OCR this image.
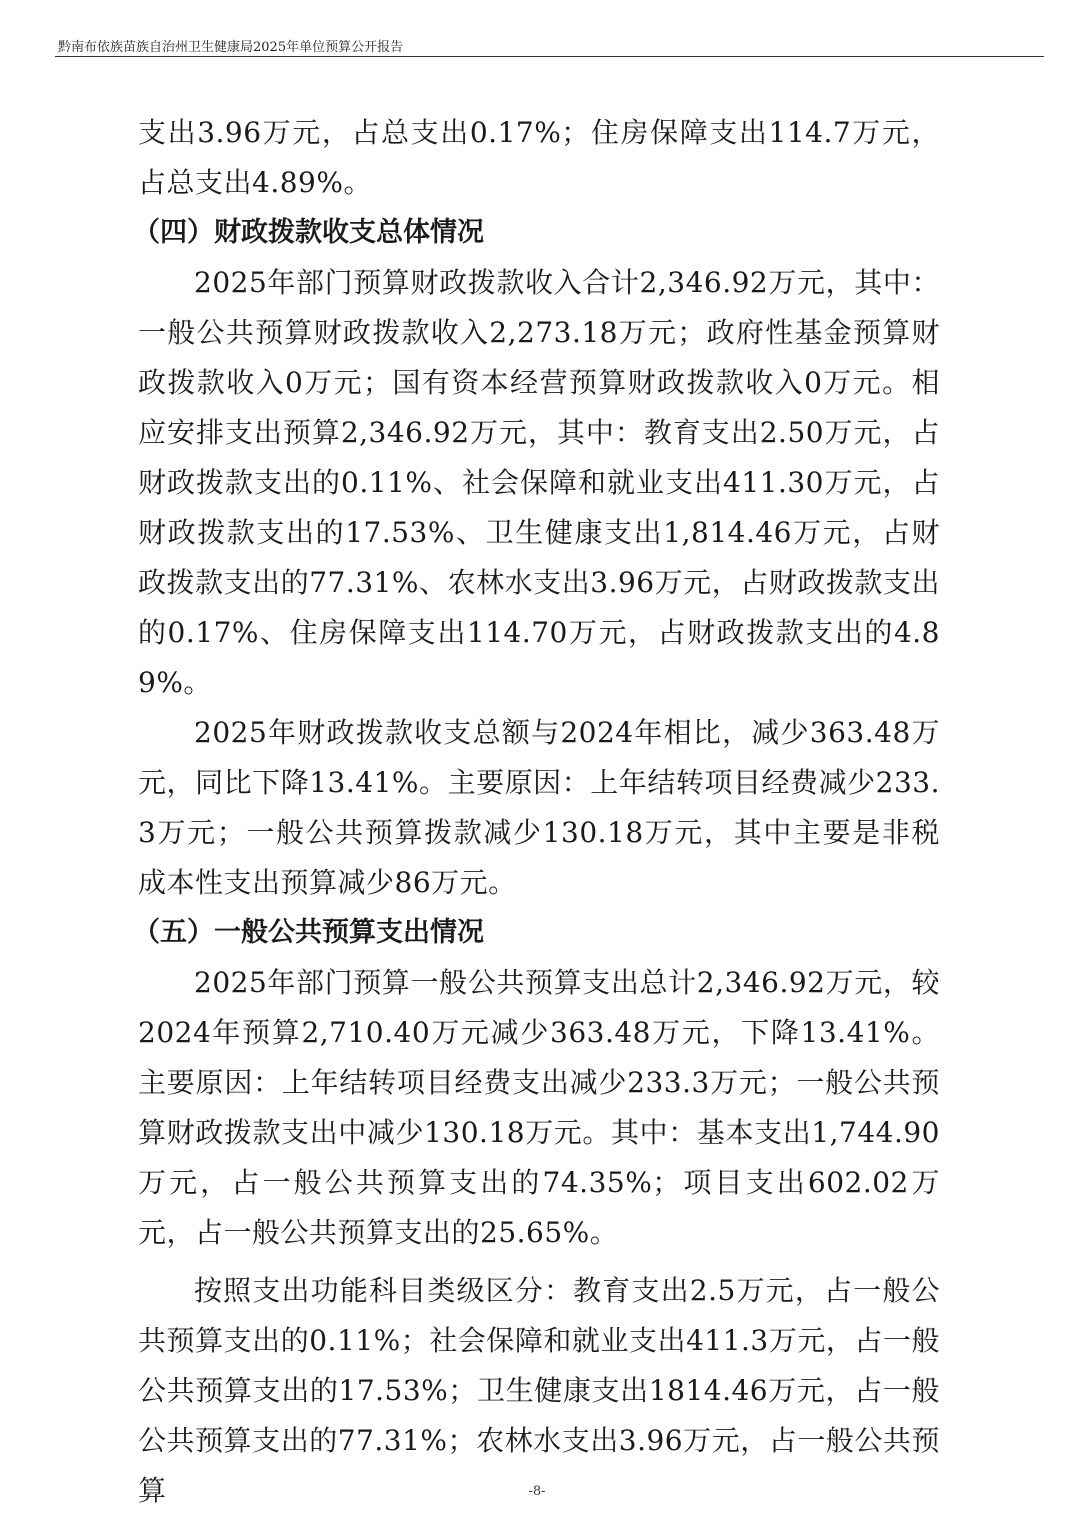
黔南布依族苗族自治州卫生健康局2025年单位预算公开报告

支出3.96万元，占总支出0.17%；住房保障支出114.7万元，占总支出4.89%。

（四）财政拨款收支总体情况

2025年部门预算财政拨款收入合计2,346.92万元，其中：一般公共预算财政拨款收入2,273.18万元；政府性基金预算财政拨款收入0万元；国有资本经营预算财政拨款收入0万元。相应安排支出预算2,346.92万元，其中：教育支出2.50万元，占财政拨款支出的0.11%、社会保障和就业支出411.30万元，占财政拨款支出的17.53%、卫生健康支出1,814.46万元，占财政拨款支出的77.31%、农林水支出3.96万元，占财政拨款支出的0.17%、住房保障支出114.70万元，占财政拨款支出的4.89%。

2025年财政拨款收支总额与2024年相比，减少363.48万元，同比下降13.41%。主要原因：上年结转项目经费减少233.3万元；一般公共预算拨款减少130.18万元，其中主要是非税成本性支出预算减少86万元。

（五）一般公共预算支出情况

2025年部门预算一般公共预算支出总计2,346.92万元，较2024年预算2,710.40万元减少363.48万元，下降13.41%。主要原因：上年结转项目经费支出减少233.3万元；一般公共预算财政拨款支出中减少130.18万元。其中：基本支出1,744.90万元，占一般公共预算支出的74.35%；项目支出602.02万元，占一般公共预算支出的25.65%。

按照支出功能科目类级区分：教育支出2.5万元，占一般公共预算支出的0.11%；社会保障和就业支出411.3万元，占一般公共预算支出的17.53%；卫生健康支出1814.46万元，占一般公共预算支出的77.31%；农林水支出3.96万元，占一般公共预算	-8-
